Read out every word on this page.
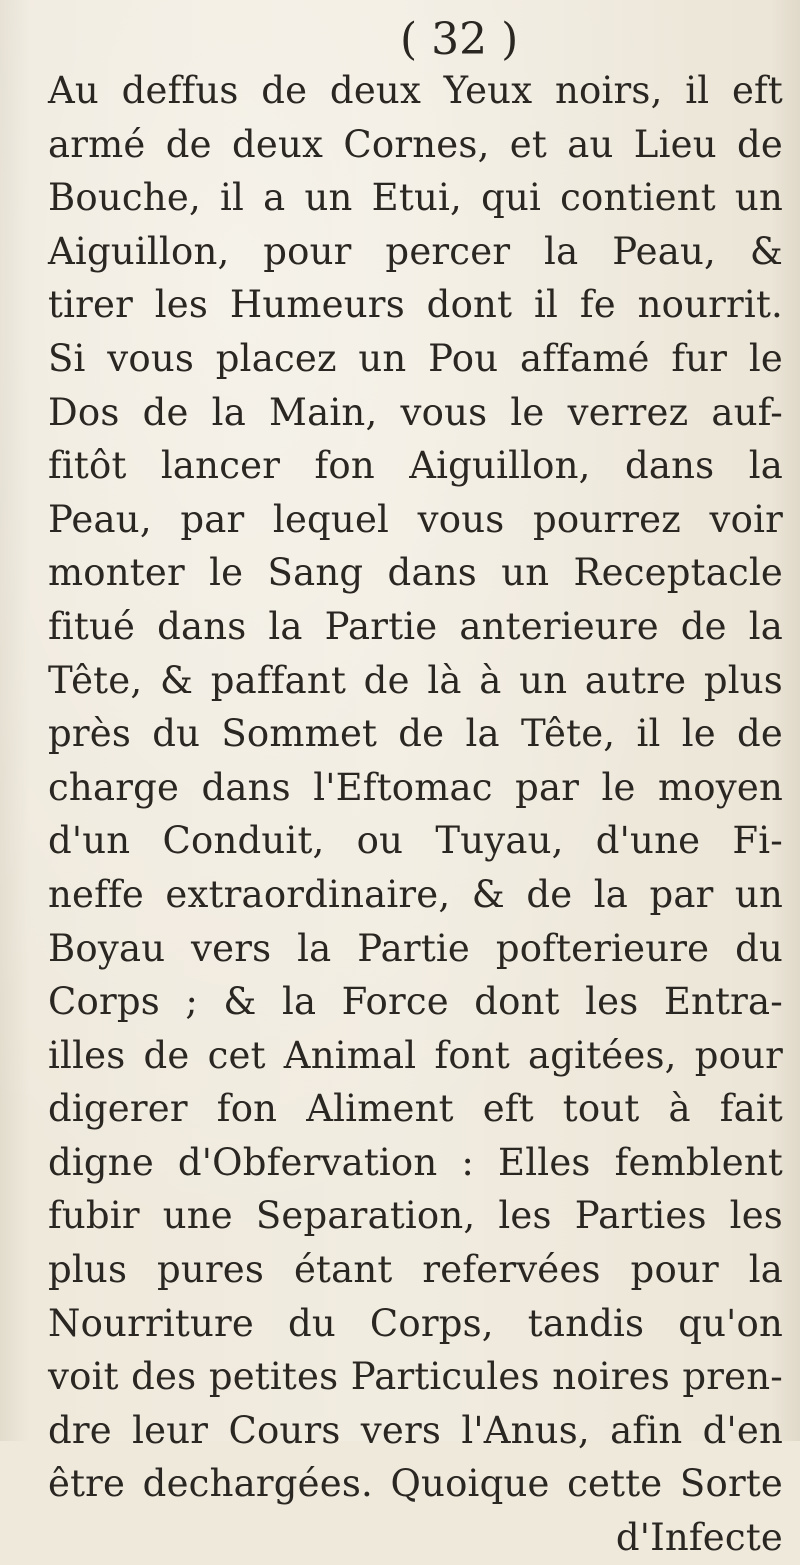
( 32 )
Au deffus de deux Yeux noirs, il eft
armé de deux Cornes, et au Lieu de
Bouche, il a un Etui, qui contient un
Aiguillon, pour percer la Peau, &
tirer les Humeurs dont il fe nourrit.
Si vous placez un Pou affamé fur le
Dos de la Main, vous le verrez auf-
fitôt lancer fon Aiguillon, dans la
Peau, par lequel vous pourrez voir
monter le Sang dans un Receptacle
fitué dans la Partie anterieure de la
Tête, & paffant de là à un autre plus
près du Sommet de la Tête, il le de
charge dans l'Eftomac par le moyen
d'un Conduit, ou Tuyau, d'une Fi-
neffe extraordinaire, & de la par un
Boyau vers la Partie pofterieure du
Corps ; & la Force dont les Entra-
illes de cet Animal font agitées, pour
digerer fon Aliment eft tout à fait
digne d'Obfervation : Elles femblent
fubir une Separation, les Parties les
plus pures étant refervées pour la
Nourriture du Corps, tandis qu'on
voit des petites Particules noires pren-
dre leur Cours vers l'Anus, afin d'en
être dechargées. Quoique cette Sorte
d'Infecte
